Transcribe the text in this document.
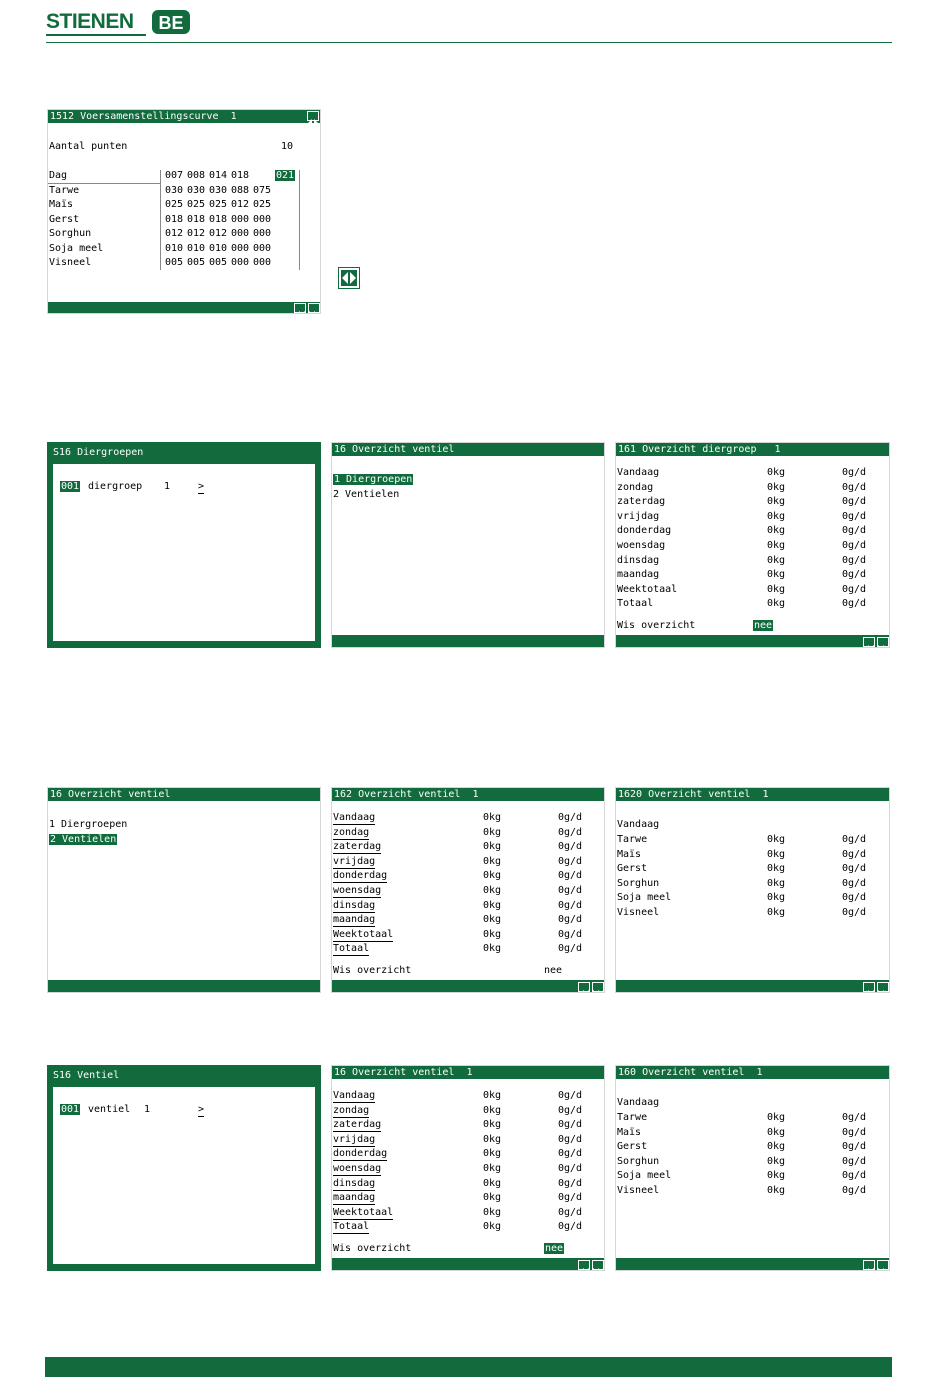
STIENEN BE
1512 Voersamenstellingscurve  1
Aantal punten	10
Dag	007 008 014 018	021
Tarwe	030 030 030 088 075
Maïs	025 025 025 012 025
Gerst	018 018 018 000 000
Sorghun	012 012 012 000 000
Soja meel	010 010 010 000 000
Visneel	005 005 005 000 000
S16 Diergroepen
001 diergroep 1	>
16 Overzicht ventiel
1 Diergroepen
2 Ventielen
161 Overzicht diergroep   1
Vandaag	0kg	0g/d
zondag	0kg	0g/d
zaterdag	0kg	0g/d
vrijdag	0kg	0g/d
donderdag	0kg	0g/d
woensdag	0kg	0g/d
dinsdag	0kg	0g/d
maandag	0kg	0g/d
Weektotaal	0kg	0g/d
Totaal	0kg	0g/d
Wis overzicht	nee
16 Overzicht ventiel
1 Diergroepen
2 Ventielen
162 Overzicht ventiel  1
Vandaag	0kg	0g/d
zondag	0kg	0g/d
zaterdag	0kg	0g/d
vrijdag	0kg	0g/d
donderdag	0kg	0g/d
woensdag	0kg	0g/d
dinsdag	0kg	0g/d
maandag	0kg	0g/d
Weektotaal	0kg	0g/d
Totaal	0kg	0g/d
Wis overzicht	nee
1620 Overzicht ventiel  1
Vandaag
Tarwe	0kg	0g/d
Maïs	0kg	0g/d
Gerst	0kg	0g/d
Sorghun	0kg	0g/d
Soja meel	0kg	0g/d
Visneel	0kg	0g/d
S16 Ventiel
001 ventiel 1	>
16 Overzicht ventiel  1
Vandaag	0kg	0g/d
zondag	0kg	0g/d
zaterdag	0kg	0g/d
vrijdag	0kg	0g/d
donderdag	0kg	0g/d
woensdag	0kg	0g/d
dinsdag	0kg	0g/d
maandag	0kg	0g/d
Weektotaal	0kg	0g/d
Totaal	0kg	0g/d
Wis overzicht	nee
160 Overzicht ventiel  1
Vandaag
Tarwe	0kg	0g/d
Maïs	0kg	0g/d
Gerst	0kg	0g/d
Sorghun	0kg	0g/d
Soja meel	0kg	0g/d
Visneel	0kg	0g/d
